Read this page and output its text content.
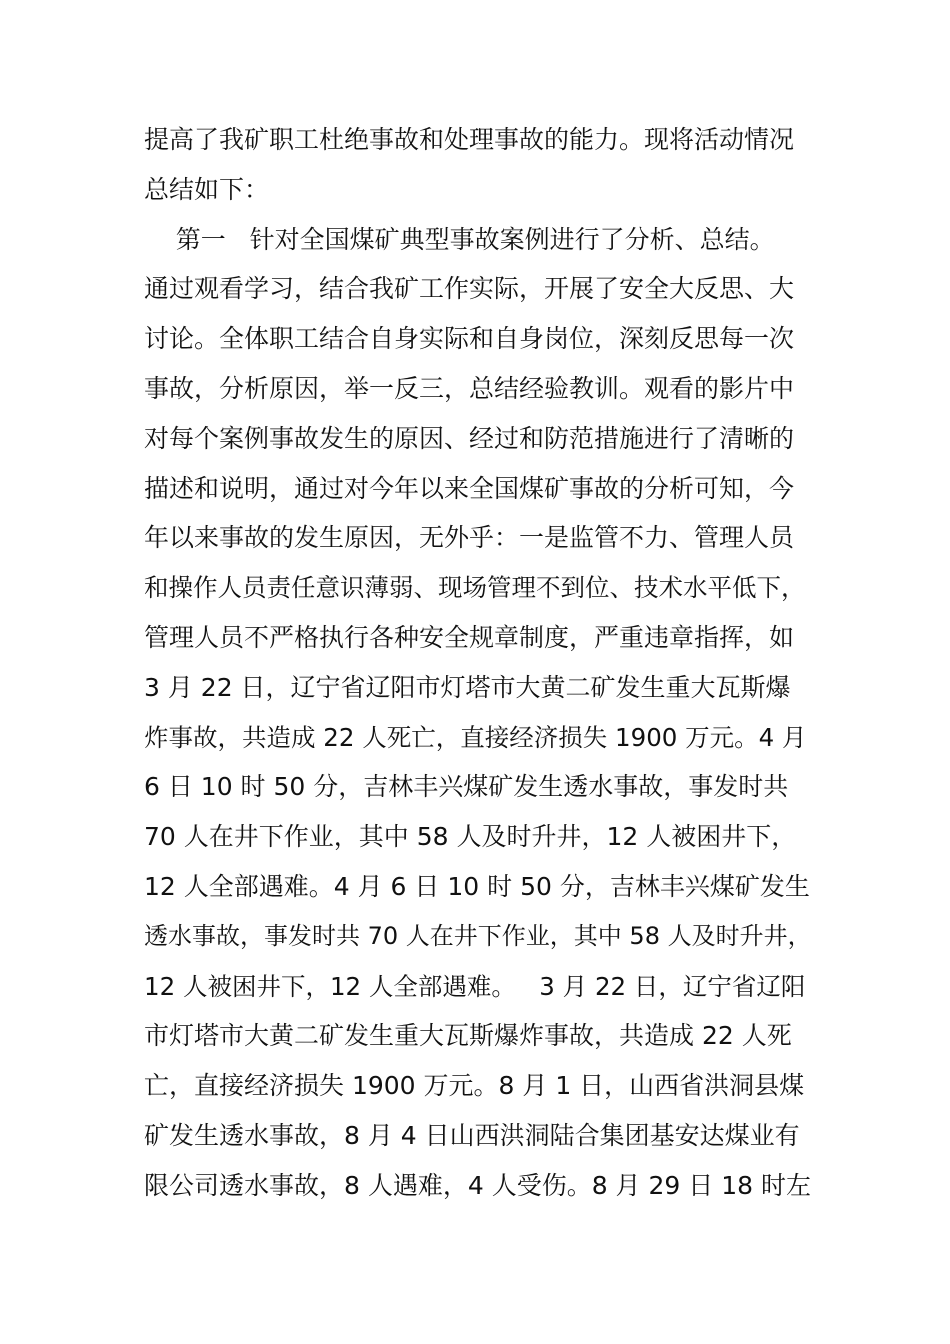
提高了我矿职工杜绝事故和处理事故的能力。现将活动情况
总结如下：
第一   针对全国煤矿典型事故案例进行了分析、总结。
通过观看学习，结合我矿工作实际，开展了安全大反思、大
讨论。全体职工结合自身实际和自身岗位，深刻反思每一次
事故，分析原因，举一反三，总结经验教训。观看的影片中
对每个案例事故发生的原因、经过和防范措施进行了清晰的
描述和说明，通过对今年以来全国煤矿事故的分析可知，今
年以来事故的发生原因，无外乎：一是监管不力、管理人员
和操作人员责任意识薄弱、现场管理不到位、技术水平低下，
管理人员不严格执行各种安全规章制度，严重违章指挥，如
3 月 22 日，辽宁省辽阳市灯塔市大黄二矿发生重大瓦斯爆
炸事故，共造成 22 人死亡，直接经济损失 1900 万元。4 月
6 日 10 时 50 分，吉林丰兴煤矿发生透水事故，事发时共
70 人在井下作业，其中 58 人及时升井，12 人被困井下，
12 人全部遇难。4 月 6 日 10 时 50 分，吉林丰兴煤矿发生
透水事故，事发时共 70 人在井下作业，其中 58 人及时升井，
12 人被困井下，12 人全部遇难。   3 月 22 日，辽宁省辽阳
市灯塔市大黄二矿发生重大瓦斯爆炸事故，共造成 22 人死
亡，直接经济损失 1900 万元。8 月 1 日，山西省洪洞县煤
矿发生透水事故，8 月 4 日山西洪洞陆合集团基安达煤业有
限公司透水事故，8 人遇难，4 人受伤。8 月 29 日 18 时左
